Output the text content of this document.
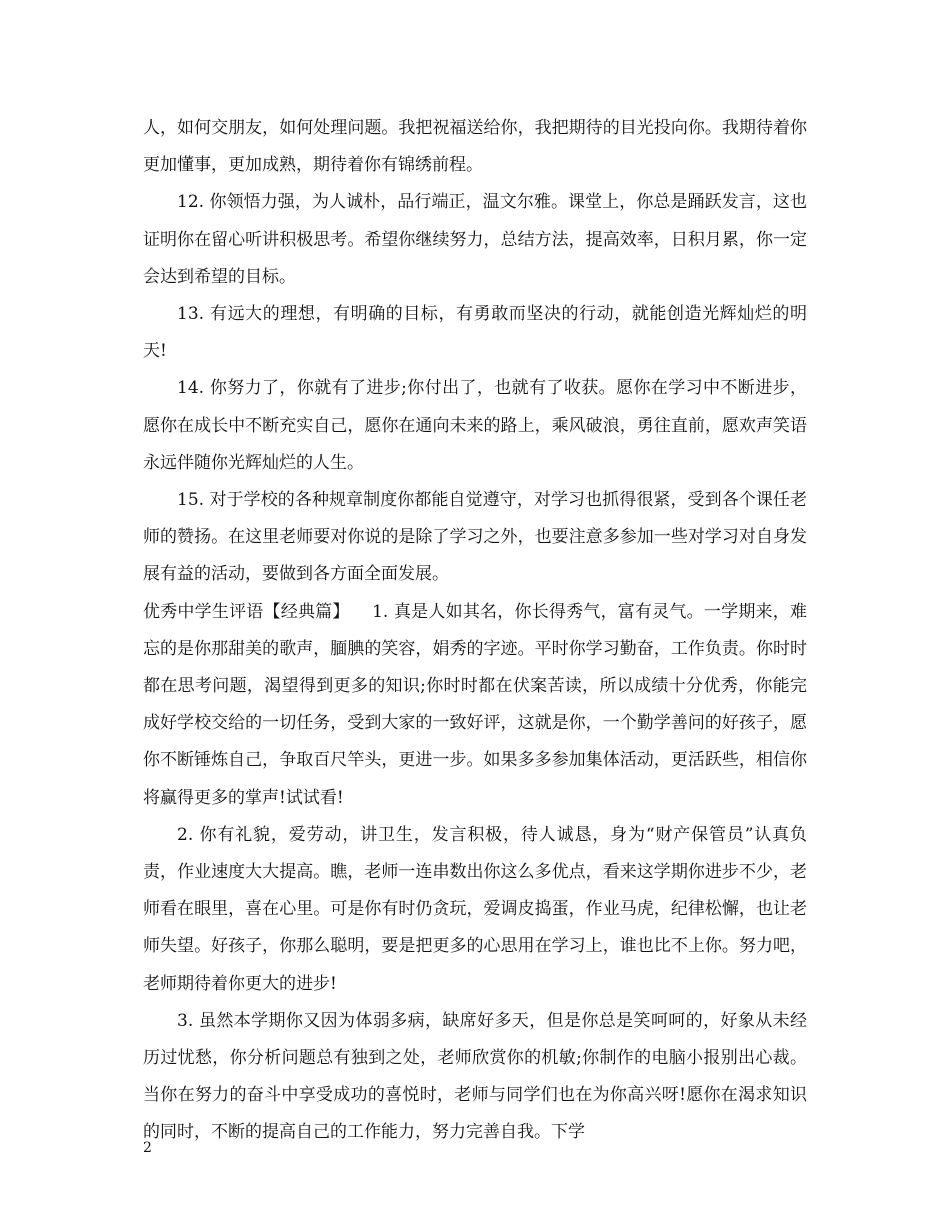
人，如何交朋友，如何处理问题。我把祝福送给你，我把期待的目光投向你。我期待着你更加懂事，更加成熟，期待着你有锦绣前程。

12. 你领悟力强，为人诚朴，品行端正，温文尔雅。课堂上，你总是踊跃发言，这也证明你在留心听讲积极思考。希望你继续努力，总结方法，提高效率，日积月累，你一定会达到希望的目标。

13. 有远大的理想，有明确的目标，有勇敢而坚决的行动，就能创造光辉灿烂的明天!

14. 你努力了，你就有了进步;你付出了，也就有了收获。愿你在学习中不断进步，愿你在成长中不断充实自己，愿你在通向未来的路上，乘风破浪，勇往直前，愿欢声笑语永远伴随你光辉灿烂的人生。

15. 对于学校的各种规章制度你都能自觉遵守，对学习也抓得很紧，受到各个课任老师的赞扬。在这里老师要对你说的是除了学习之外，也要注意多参加一些对学习对自身发展有益的活动，要做到各方面全面发展。

优秀中学生评语【经典篇】    1. 真是人如其名，你长得秀气，富有灵气。一学期来，难忘的是你那甜美的歌声，腼腆的笑容，娟秀的字迹。平时你学习勤奋，工作负责。你时时都在思考问题，渴望得到更多的知识;你时时都在伏案苦读，所以成绩十分优秀，你能完成好学校交给的一切任务，受到大家的一致好评，这就是你，一个勤学善问的好孩子，愿你不断锤炼自己，争取百尺竿头，更进一步。如果多多参加集体活动，更活跃些，相信你将赢得更多的掌声!试试看!

2. 你有礼貌，爱劳动，讲卫生，发言积极，待人诚恳，身为“财产保管员”认真负责，作业速度大大提高。瞧，老师一连串数出你这么多优点，看来这学期你进步不少，老师看在眼里，喜在心里。可是你有时仍贪玩，爱调皮捣蛋，作业马虎，纪律松懈，也让老师失望。好孩子，你那么聪明，要是把更多的心思用在学习上，谁也比不上你。努力吧，老师期待着你更大的进步!

3. 虽然本学期你又因为体弱多病，缺席好多天，但是你总是笑呵呵的，好象从未经历过忧愁，你分析问题总有独到之处，老师欣赏你的机敏;你制作的电脑小报别出心裁。当你在努力的奋斗中享受成功的喜悦时，老师与同学们也在为你高兴呀!愿你在渴求知识的同时，不断的提高自己的工作能力，努力完善自我。下学

2
